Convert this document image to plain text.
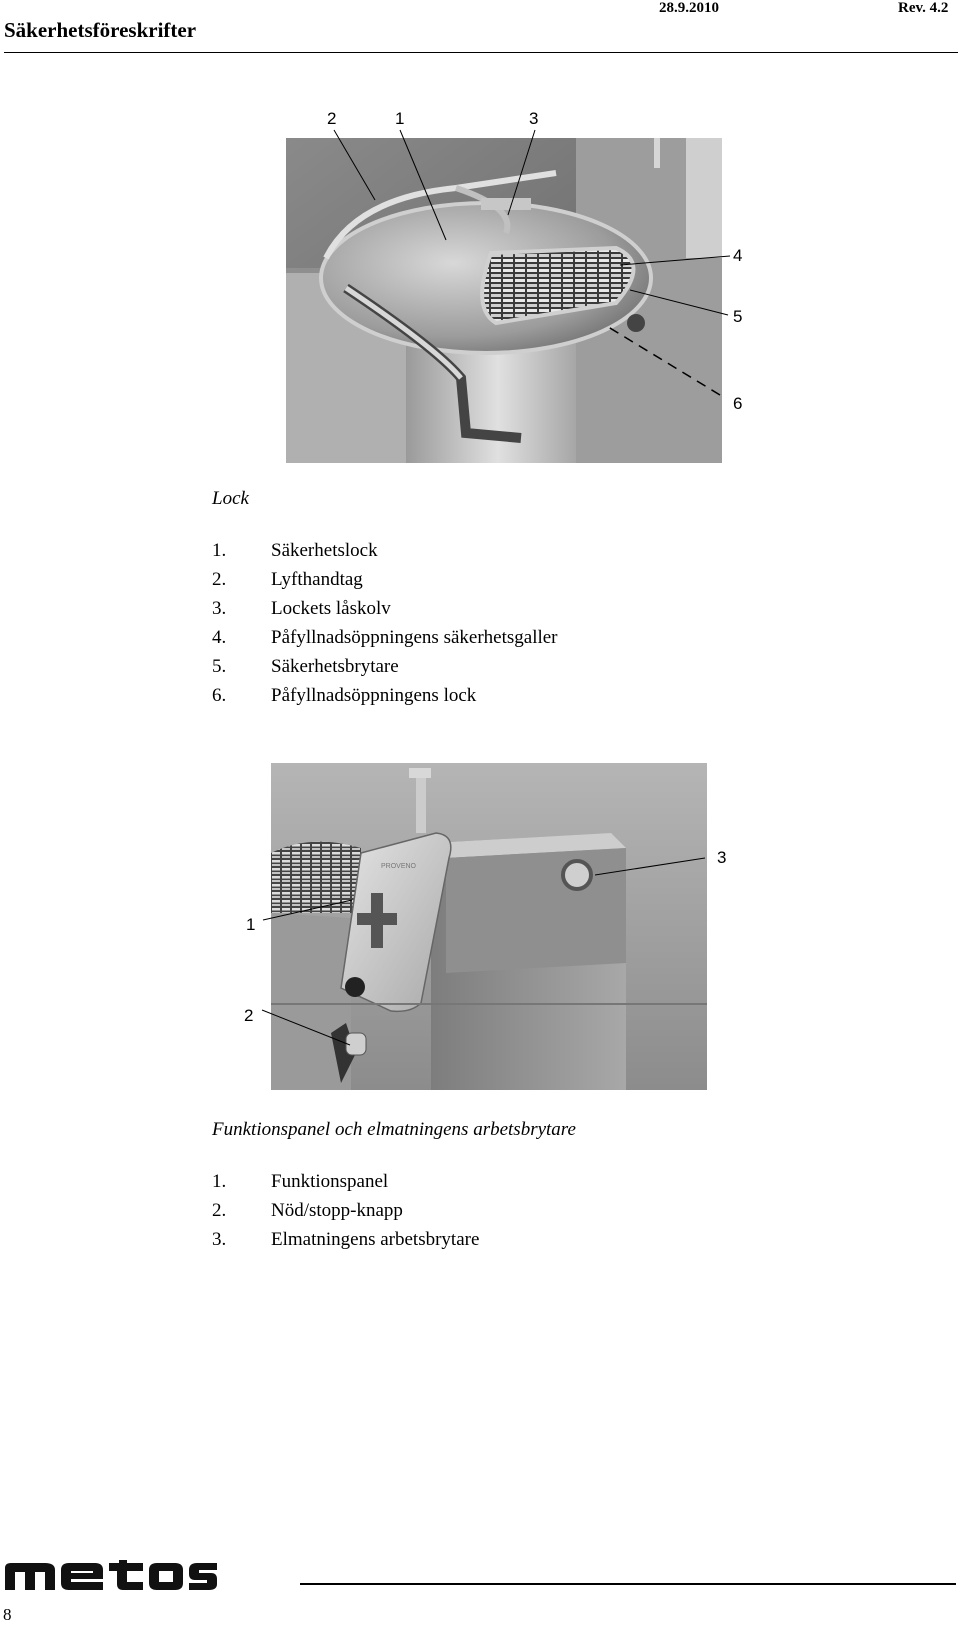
Säkerhetsföreskrifter
28.9.2010	Rev. 4.2
2	1	3
4
5
6
Lock
1. Säkerhetslock
2. Lyfthandtag
3. Lockets låskolv
4. Påfyllnadsöppningens säkerhetsgaller
5. Säkerhetsbrytare
6. Påfyllnadsöppningens lock
PROVENO	3
1
2
Funktionspanel och elmatningens arbetsbrytare
1. Funktionspanel
2. Nöd/stopp-knapp
3. Elmatningens arbetsbrytare
metos
8
